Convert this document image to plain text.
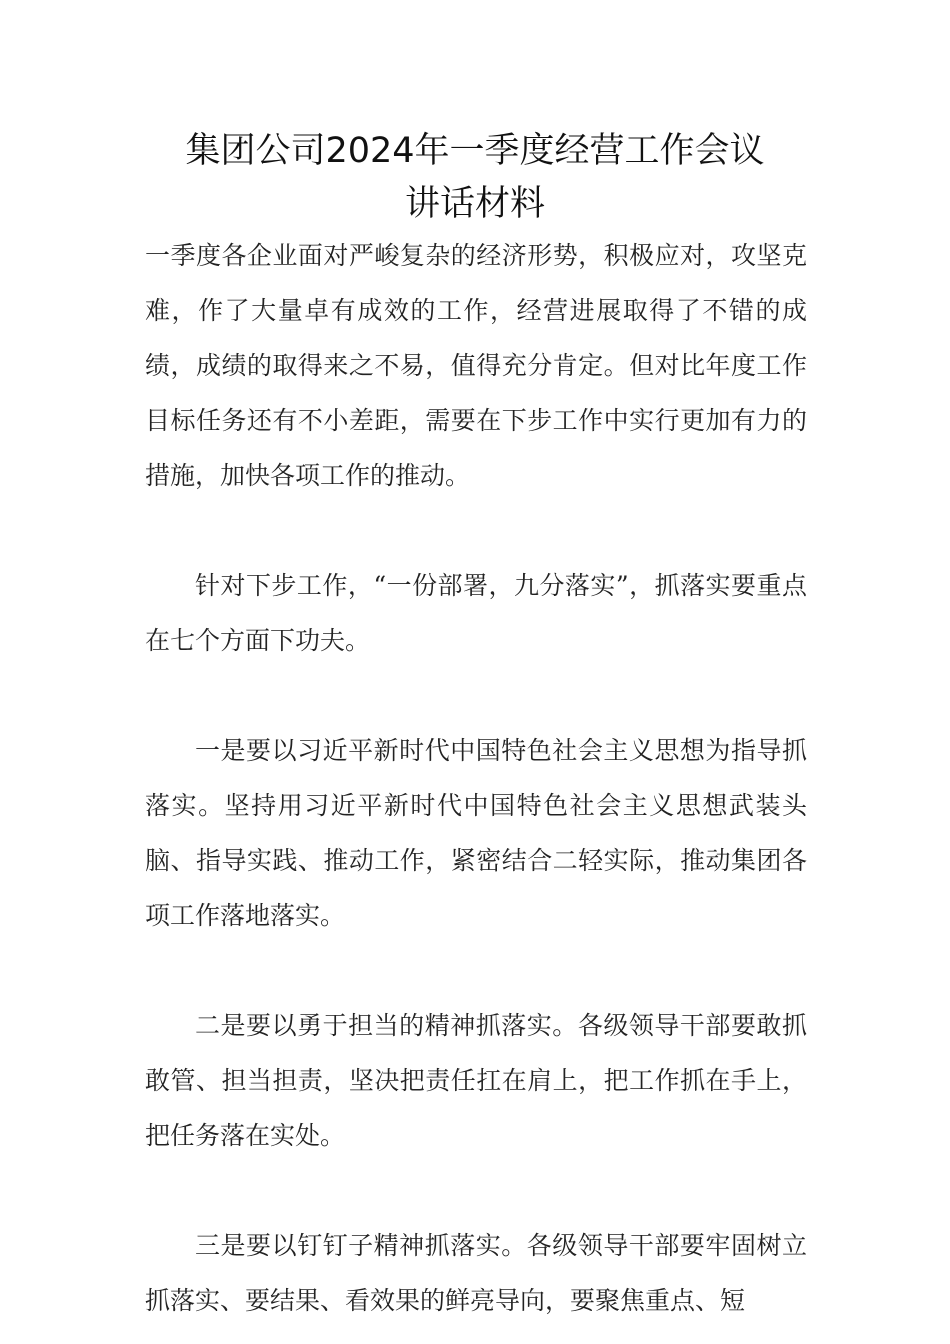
集团公司2024年一季度经营工作会议
讲话材料

一季度各企业面对严峻复杂的经济形势，积极应对，攻坚克难，作了大量卓有成效的工作，经营进展取得了不错的成绩，成绩的取得来之不易，值得充分肯定。但对比年度工作目标任务还有不小差距，需要在下步工作中实行更加有力的措施，加快各项工作的推动。

针对下步工作，“一份部署，九分落实”，抓落实要重点在七个方面下功夫。

一是要以习近平新时代中国特色社会主义思想为指导抓落实。坚持用习近平新时代中国特色社会主义思想武装头脑、指导实践、推动工作，紧密结合二轻实际，推动集团各项工作落地落实。

二是要以勇于担当的精神抓落实。各级领导干部要敢抓敢管、担当担责，坚决把责任扛在肩上，把工作抓在手上，把任务落在实处。

三是要以钉钉子精神抓落实。各级领导干部要牢固树立抓落实、要结果、看效果的鲜亮导向，要聚焦重点、短
